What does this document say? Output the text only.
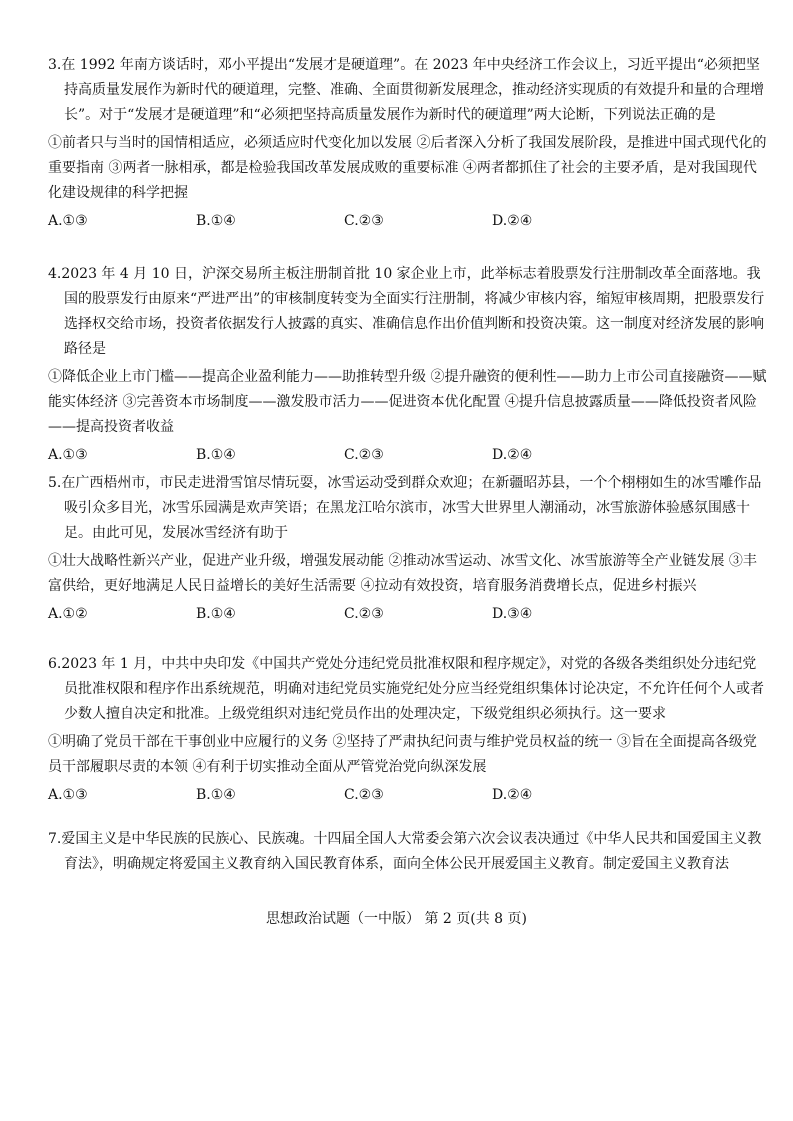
3.在 1992 年南方谈话时，邓小平提出“发展才是硬道理”。在 2023 年中央经济工作会议上，习近平提出“必须把坚持高质量发展作为新时代的硬道理，完整、准确、全面贯彻新发展理念，推动经济实现质的有效提升和量的合理增长”。对于“发展才是硬道理”和“必须把坚持高质量发展作为新时代的硬道理”两大论断，下列说法正确的是

①前者只与当时的国情相适应，必须适应时代变化加以发展 ②后者深入分析了我国发展阶段，是推进中国式现代化的重要指南 ③两者一脉相承，都是检验我国改革发展成败的重要标准 ④两者都抓住了社会的主要矛盾，是对我国现代化建设规律的科学把握

A.①③	B.①④	C.②③	D.②④

4.2023 年 4 月 10 日，沪深交易所主板注册制首批 10 家企业上市，此举标志着股票发行注册制改革全面落地。我国的股票发行由原来“严进严出”的审核制度转变为全面实行注册制，将减少审核内容，缩短审核周期，把股票发行选择权交给市场，投资者依据发行人披露的真实、准确信息作出价值判断和投资决策。这一制度对经济发展的影响路径是

①降低企业上市门槛——提高企业盈利能力——助推转型升级 ②提升融资的便利性——助力上市公司直接融资——赋能实体经济 ③完善资本市场制度——激发股市活力——促进资本优化配置 ④提升信息披露质量——降低投资者风险 ——提高投资者收益

A.①③	B.①④	C.②③	D.②④

5.在广西梧州市，市民走进滑雪馆尽情玩耍，冰雪运动受到群众欢迎；在新疆昭苏县，一个个栩栩如生的冰雪雕作品吸引众多目光，冰雪乐园满是欢声笑语；在黑龙江哈尔滨市，冰雪大世界里人潮涌动，冰雪旅游体验感氛围感十足。由此可见，发展冰雪经济有助于

①壮大战略性新兴产业，促进产业升级，增强发展动能 ②推动冰雪运动、冰雪文化、冰雪旅游等全产业链发展 ③丰富供给，更好地满足人民日益增长的美好生活需要 ④拉动有效投资，培育服务消费增长点，促进乡村振兴

A.①②	B.①④	C.②③	D.③④

6.2023 年 1 月，中共中央印发《中国共产党处分违纪党员批准权限和程序规定》，对党的各级各类组织处分违纪党员批准权限和程序作出系统规范，明确对违纪党员实施党纪处分应当经党组织集体讨论决定，不允许任何个人或者少数人擅自决定和批准。上级党组织对违纪党员作出的处理决定，下级党组织必须执行。这一要求

①明确了党员干部在干事创业中应履行的义务 ②坚持了严肃执纪问责与维护党员权益的统一 ③旨在全面提高各级党员干部履职尽责的本领 ④有利于切实推动全面从严管党治党向纵深发展

A.①③	B.①④	C.②③	D.②④

7.爱国主义是中华民族的民族心、民族魂。十四届全国人大常委会第六次会议表决通过《中华人民共和国爱国主义教育法》，明确规定将爱国主义教育纳入国民教育体系，面向全体公民开展爱国主义教育。制定爱国主义教育法

思想政治试题（一中版） 第 2 页(共 8 页)
